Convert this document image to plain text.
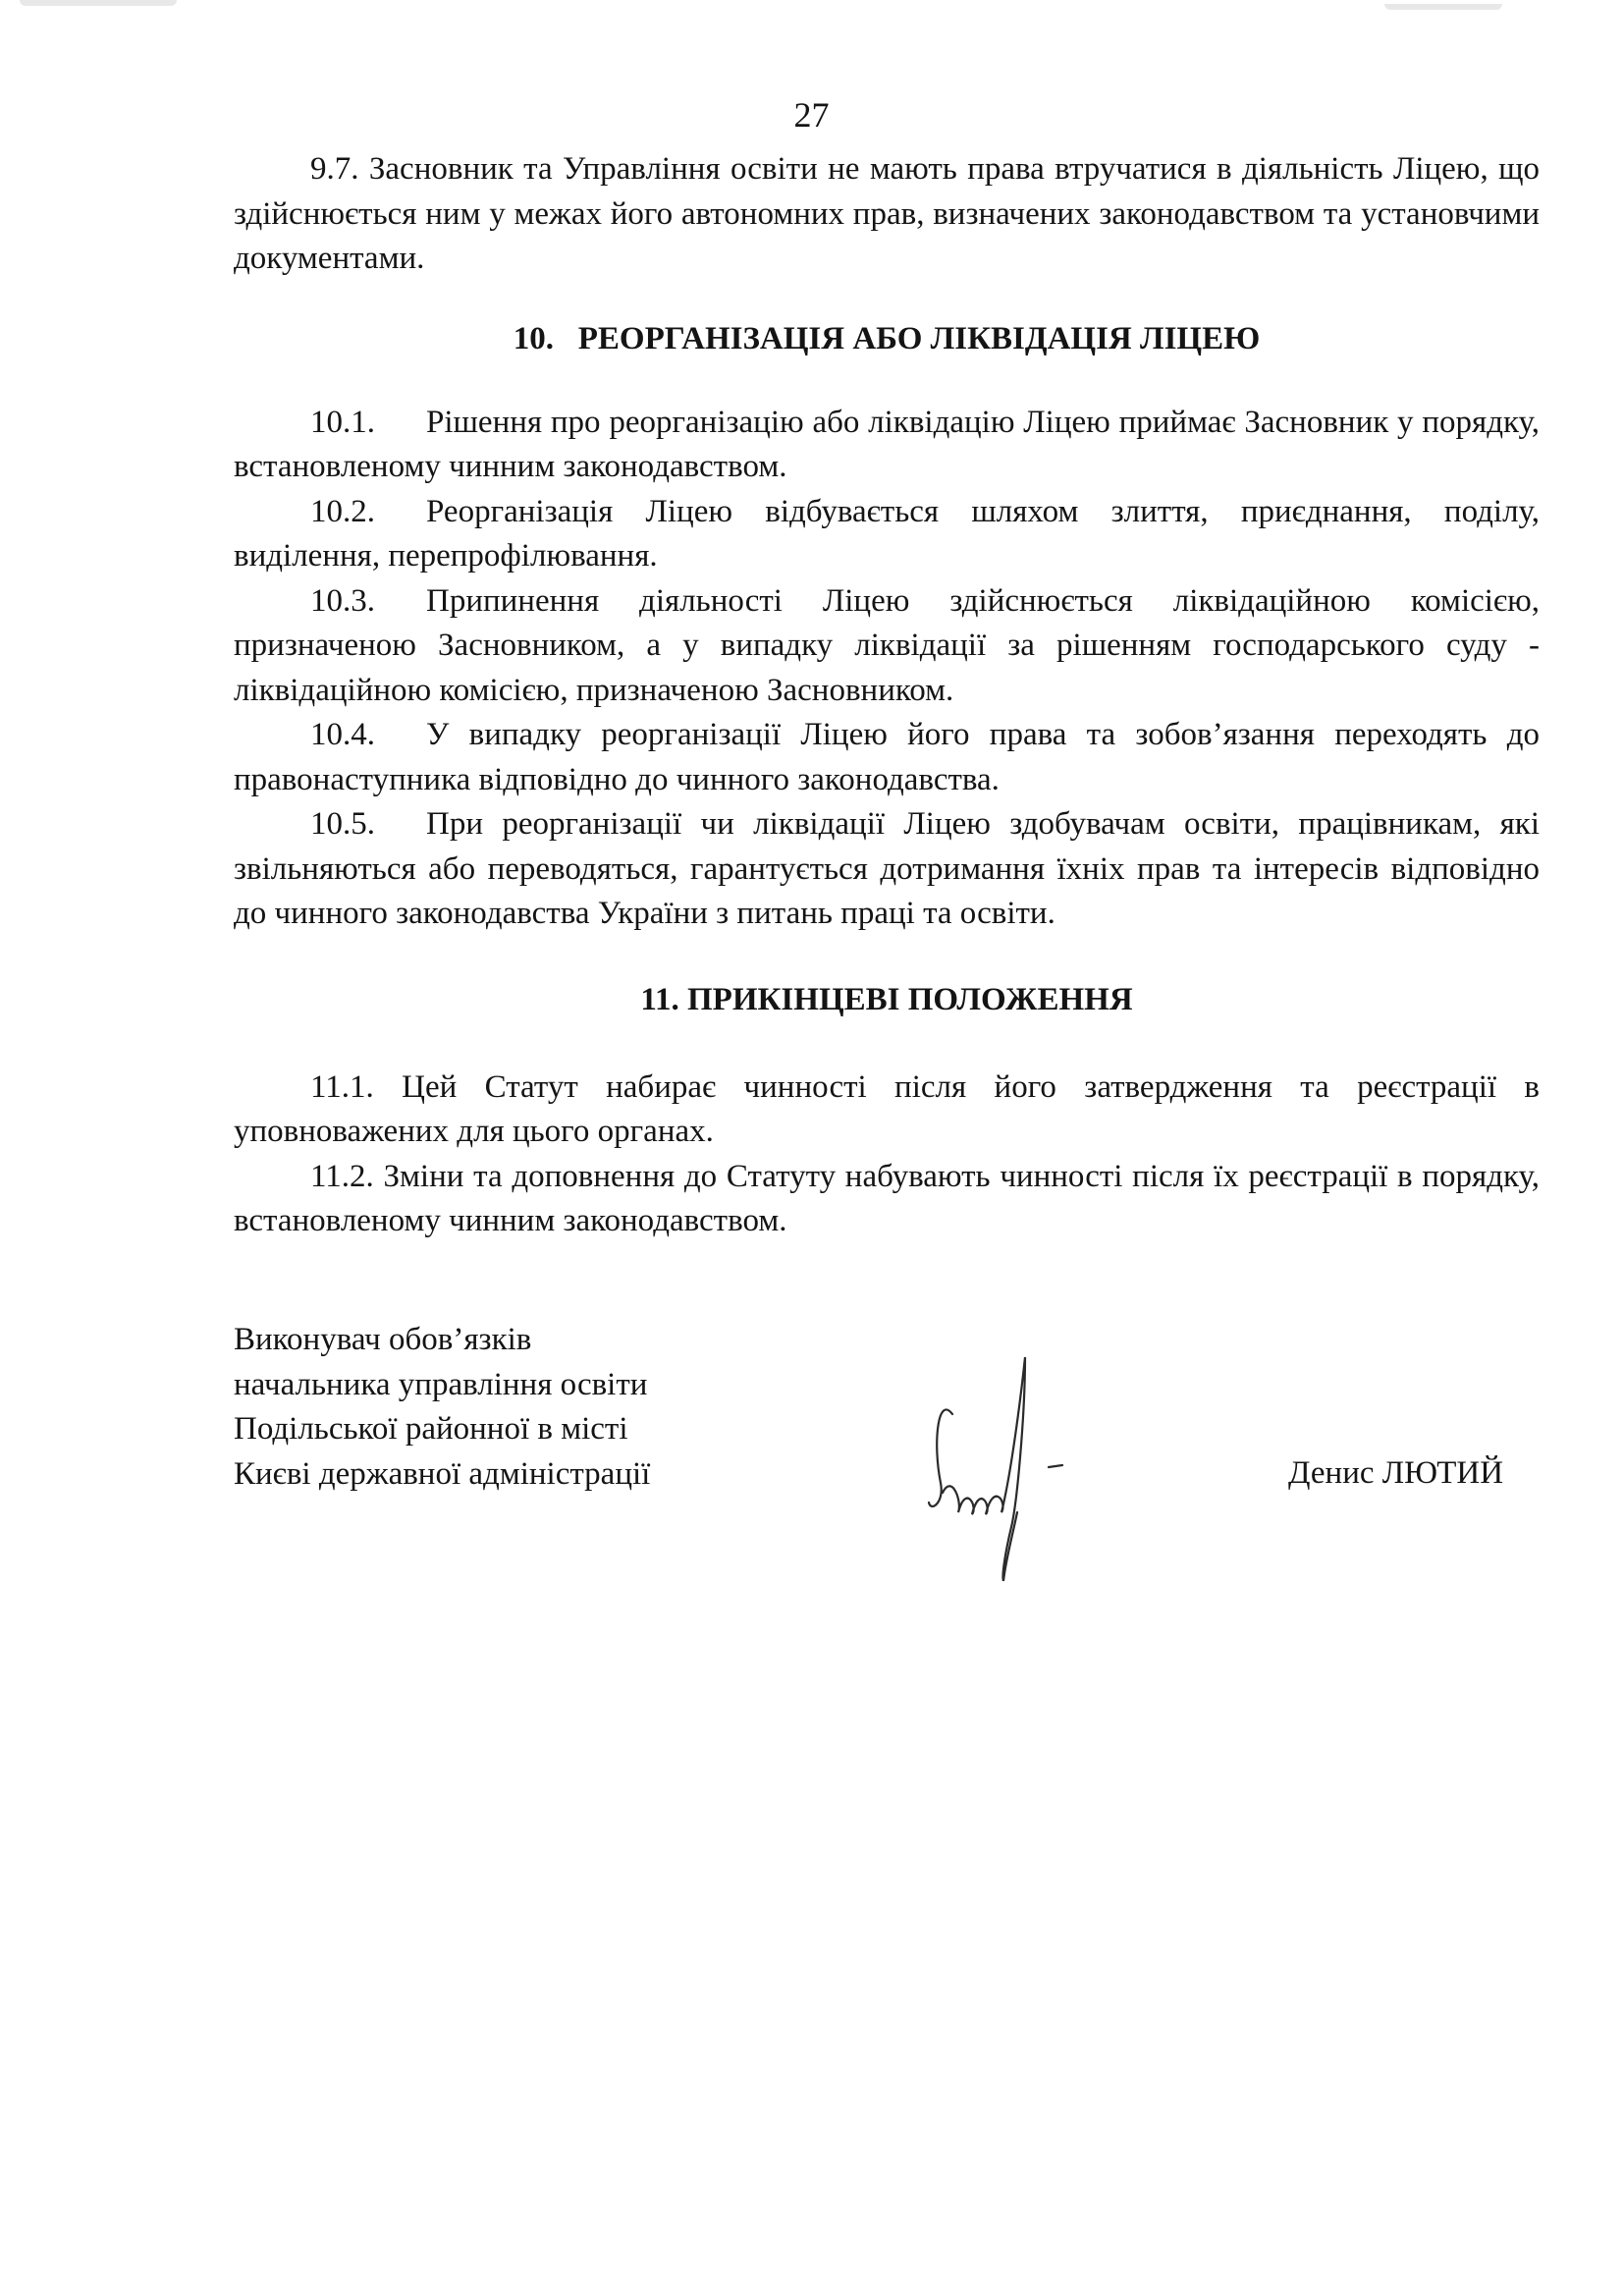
27

9.7. Засновник та Управління освіти не мають права втручатися в діяльність Ліцею, що здійснюється ним у межах його автономних прав, визначених законодавством та установчими документами.

10.   РЕОРГАНІЗАЦІЯ АБО ЛІКВІДАЦІЯ ЛІЦЕЮ

10.1. Рішення про реорганізацію або ліквідацію Ліцею приймає Засновник у порядку, встановленому чинним законодавством.

10.2. Реорганізація Ліцею відбувається шляхом злиття, приєднання, поділу, виділення, перепрофілювання.

10.3. Припинення діяльності Ліцею здійснюється ліквідаційною комісією, призначеною Засновником, а у випадку ліквідації за рішенням господарського суду - ліквідаційною комісією, призначеною Засновником.

10.4. У випадку реорганізації Ліцею його права та зобов’язання переходять до правонаступника відповідно до чинного законодавства.

10.5. При реорганізації чи ліквідації Ліцею здобувачам освіти, працівникам, які звільняються або переводяться, гарантується дотримання їхніх прав та інтересів відповідно до чинного законодавства України з питань праці та освіти.

11. ПРИКІНЦЕВІ ПОЛОЖЕННЯ

11.1. Цей Статут набирає чинності після його затвердження та реєстрації в уповноважених для цього органах.

11.2. Зміни та доповнення до Статуту набувають чинності після їх реєстрації в порядку, встановленому чинним законодавством.

Виконувач обов’язків
начальника управління освіти
Подільської районної в місті
Києві державної адміністрації	Денис ЛЮТИЙ
